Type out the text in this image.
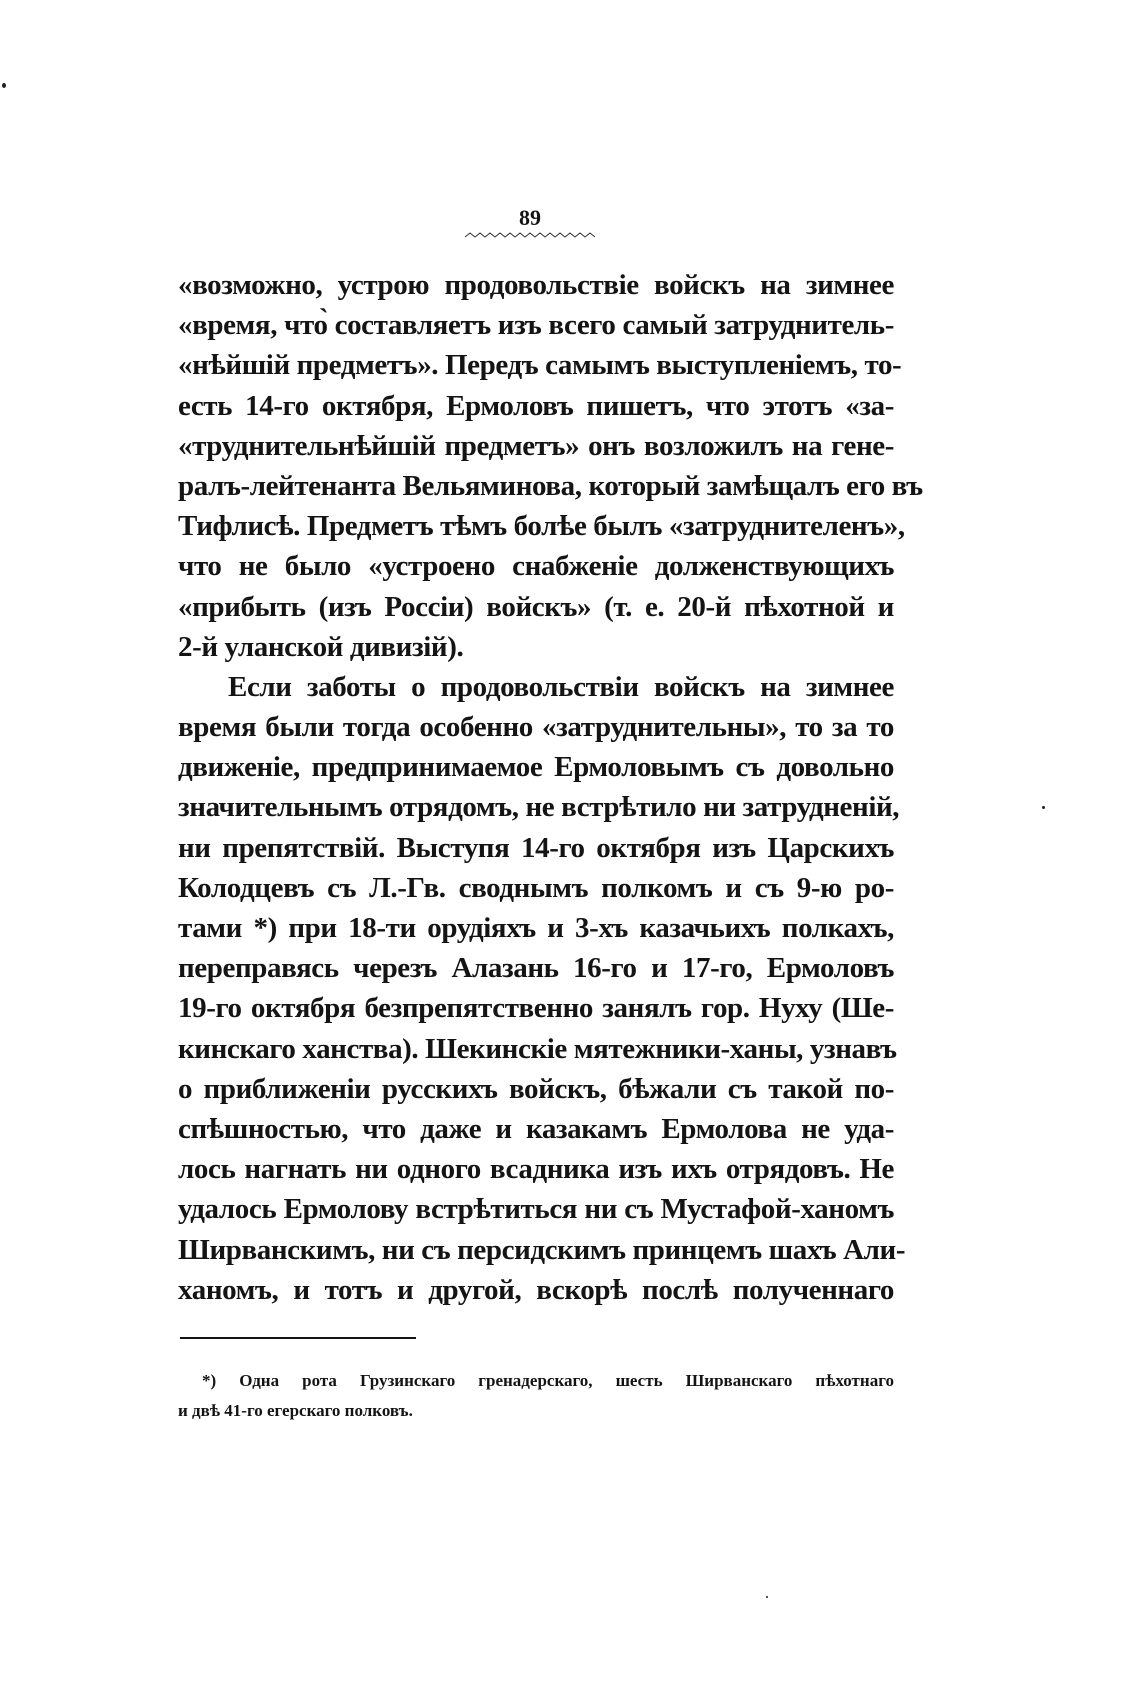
89
«возможно, устрою продовольствіе войскъ на зимнее
«время, что̀ составляетъ изъ всего самый затруднитель-
«нѣйшій предметъ». Передъ самымъ выступленіемъ, то-
есть 14-го октября, Ермоловъ пишетъ, что этотъ «за-
«труднительнѣйшій предметъ» онъ возложилъ на гене-
ралъ-лейтенанта Вельяминова, который замѣщалъ его въ
Тифлисѣ. Предметъ тѣмъ болѣе былъ «затруднителенъ»,
что не было «устроено снабженіе долженствующихъ
«прибыть (изъ Россіи) войскъ» (т. е. 20-й пѣхотной и
2-й уланской дивизій).
Если заботы о продовольствіи войскъ на зимнее
время были тогда особенно «затруднительны», то за то
движеніе, предпринимаемое Ермоловымъ съ довольно
значительнымъ отрядомъ, не встрѣтило ни затрудненій,
ни препятствій. Выступя 14-го октября изъ Царскихъ
Колодцевъ съ Л.-Гв. своднымъ полкомъ и съ 9-ю ро-
тами *) при 18-ти орудіяхъ и 3-хъ казачьихъ полкахъ,
переправясь черезъ Алазань 16-го и 17-го, Ермоловъ
19-го октября безпрепятственно занялъ гор. Нуху (Ше-
кинскаго ханства). Шекинскіе мятежники-ханы, узнавъ
о приближеніи русскихъ войскъ, бѣжали съ такой по-
спѣшностью, что даже и казакамъ Ермолова не уда-
лось нагнать ни одного всадника изъ ихъ отрядовъ. Не
удалось Ермолову встрѣтиться ни съ Мустафой-ханомъ
Ширванскимъ, ни съ персидскимъ принцемъ шахъ Али-
ханомъ, и тотъ и другой, вскорѣ послѣ полученнаго
*) Одна рота Грузинскаго гренадерскаго, шесть Ширванскаго пѣхотнаго
и двѣ 41-го егерскаго полковъ.
